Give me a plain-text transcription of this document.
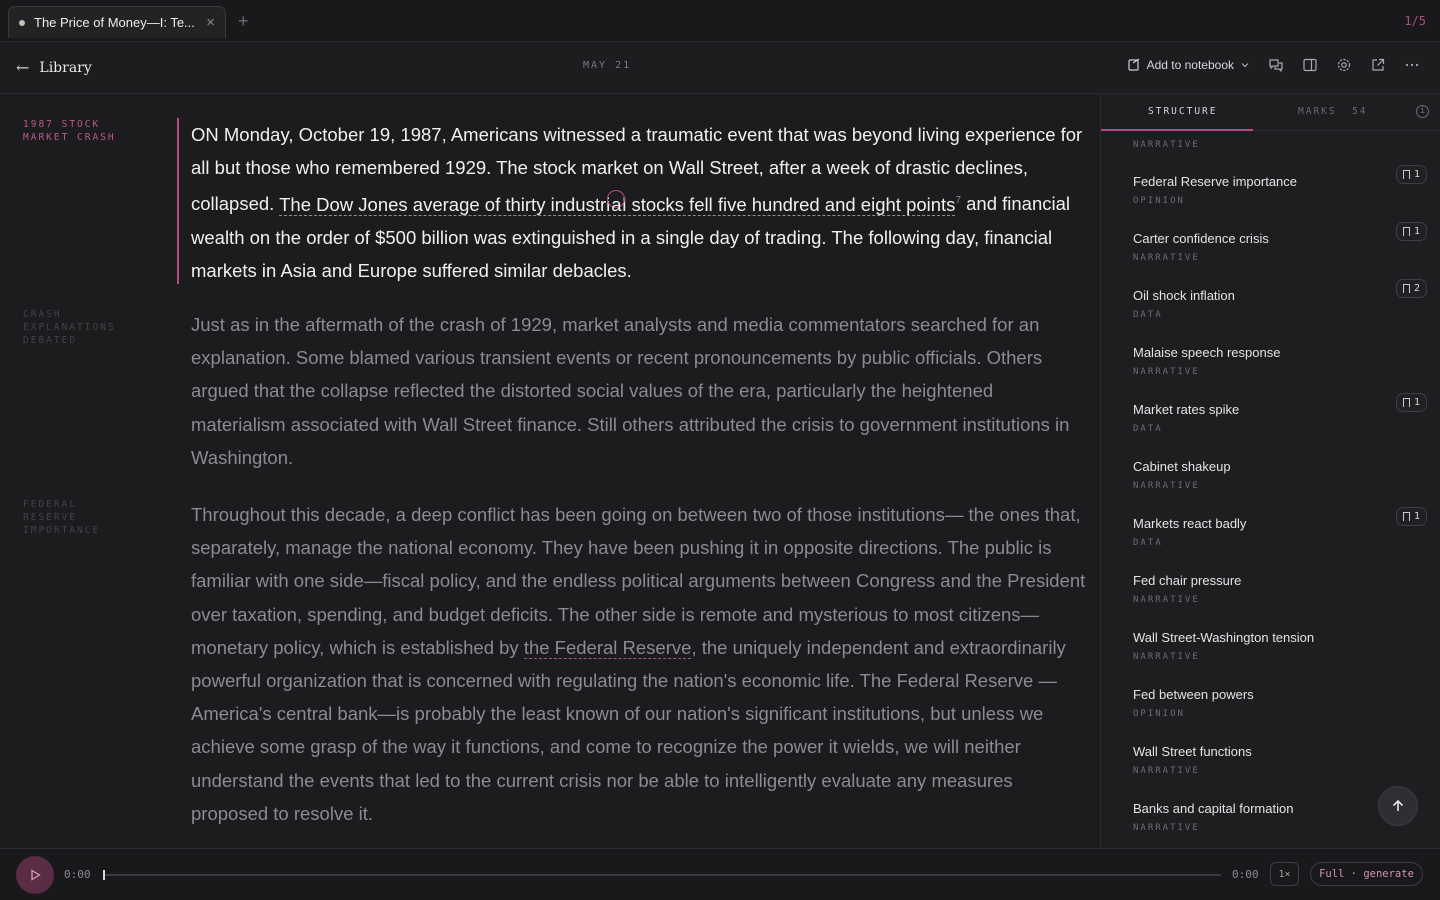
The Price of Money—I: Te... × +	1/5
← Library	MAY 21	Add to notebook
1987 STOCK
MARKET CRASH	ON Monday, October 19, 1987, Americans witnessed a traumatic event that was beyond living experience for all but those who remembered 1929. The stock market on Wall Street, after a week of drastic declines, collapsed. The Dow Jones average of thirty industrial stocks fell five hundred and eight points$^7$ and financial wealth on the order of $500 billion was extinguished in a single day of trading. The following day, financial markets in Asia and Europe suffered similar debacles.

CRASH
EXPLANATIONS
DEBATED

Just as in the aftermath of the crash of 1929, market analysts and media commentators searched for an explanation. Some blamed various transient events or recent pronouncements by public officials. Others argued that the collapse reflected the distorted social values of the era, particularly the heightened materialism associated with Wall Street finance. Still others attributed the crisis to government institutions in Washington.

FEDERAL
RESERVE
IMPORTANCE

Throughout this decade, a deep conflict has been going on between two of those institutions— the ones that, separately, manage the national economy. They have been pushing it in opposite directions. The public is familiar with one side—fiscal policy, and the endless political arguments between Congress and the President over taxation, spending, and budget deficits. The other side is remote and mysterious to most citizens— monetary policy, which is established by the Federal Reserve, the uniquely independent and extraordinarily powerful organization that is concerned with regulating the nation's economic life. The Federal Reserve —America's central bank—is probably the least known of our nation's significant institutions, but unless we achieve some grasp of the way it functions, and come to recognize the power it wields, we will neither understand the events that led to the current crisis nor be able to intelligently evaluate any measures proposed to resolve it.

STRUCTURE	MARKS 54	i
NARRATIVE
Federal Reserve importance
OPINION
1
Carter confidence crisis
NARRATIVE
1
Oil shock inflation
DATA
2
Malaise speech response
NARRATIVE
Market rates spike
DATA
1
Cabinet shakeup
NARRATIVE
Markets react badly
DATA
1
Fed chair pressure
NARRATIVE
Wall Street-Washington tension
NARRATIVE
Fed between powers
OPINION
Wall Street functions
NARRATIVE
Banks and capital formation
NARRATIVE
0:00	0:00	1×	Full · generate
